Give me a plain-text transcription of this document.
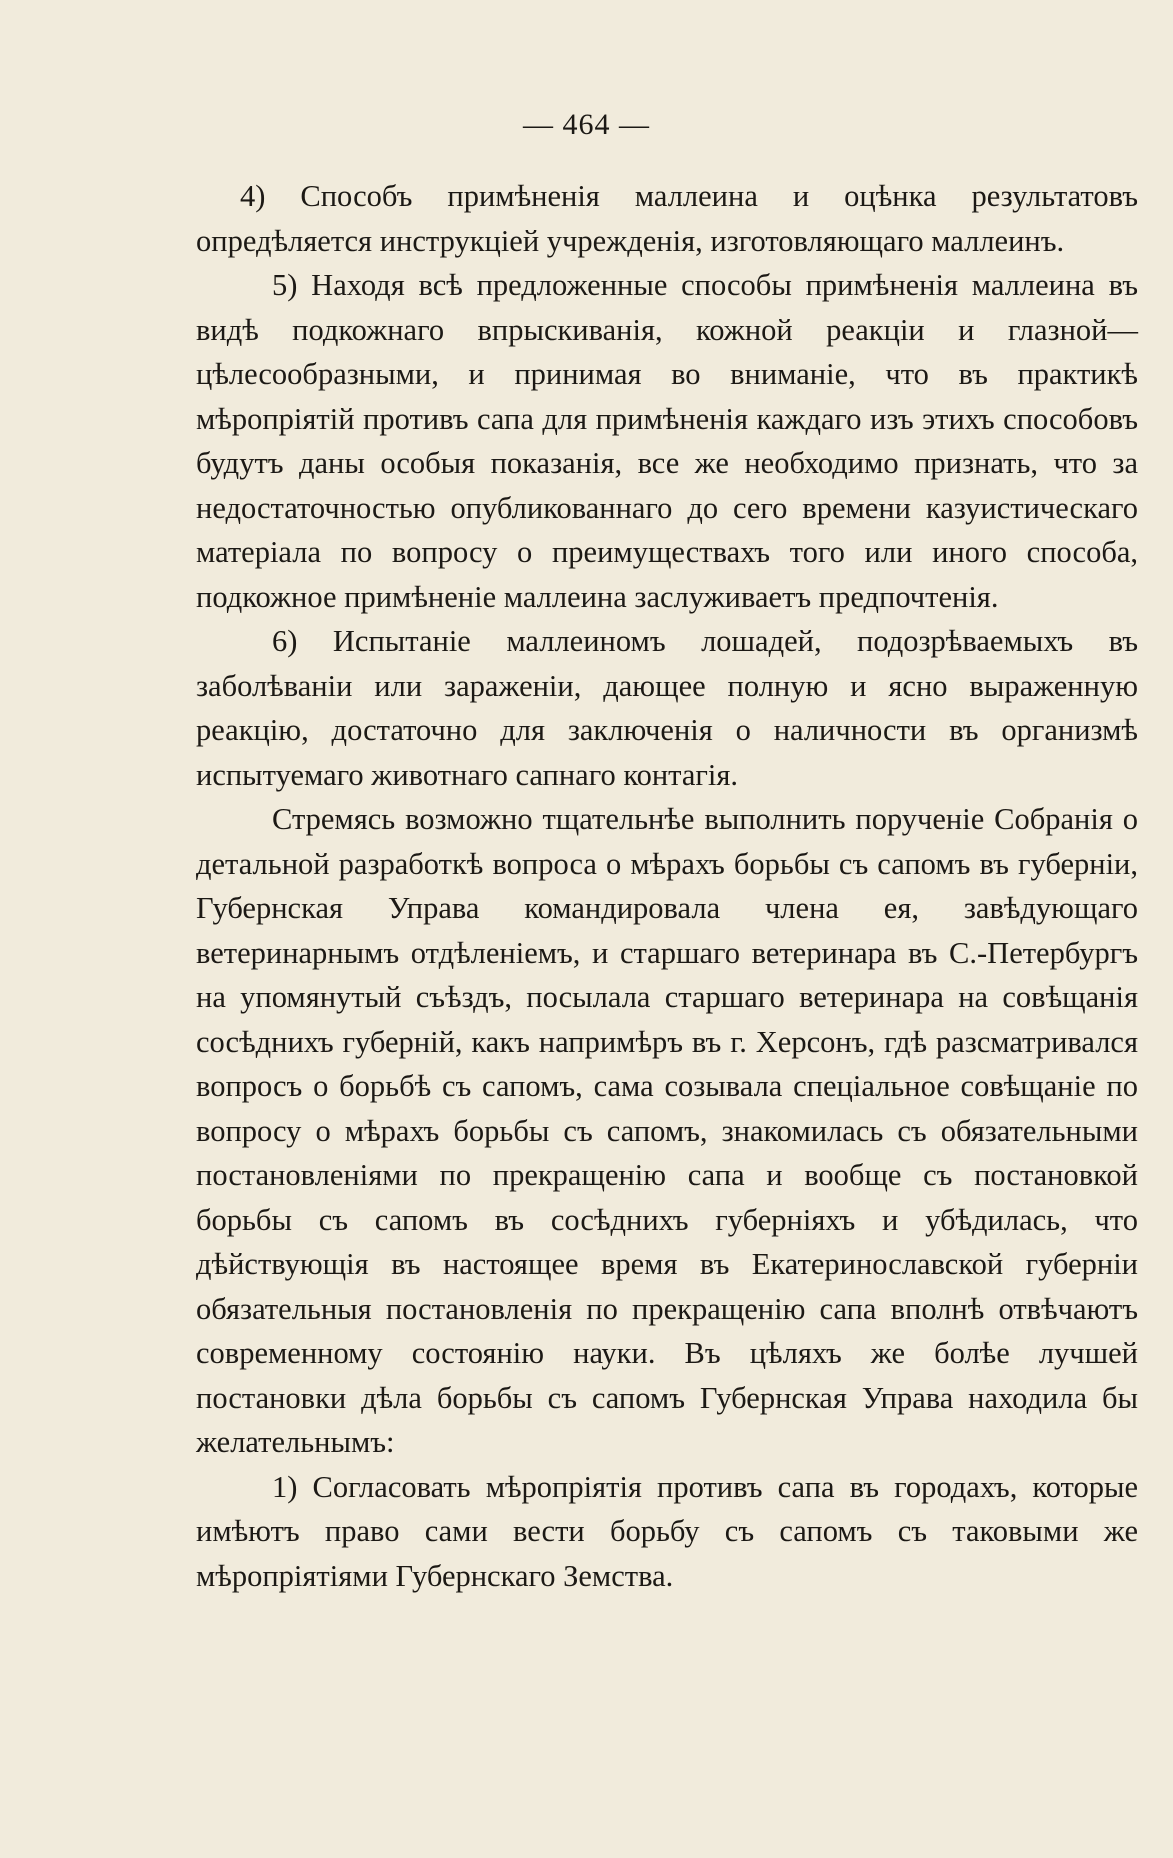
— 464 —

4) Способъ примѣненія маллеина и оцѣнка результатовъ опредѣляется инструкціей учрежденія, изготовляющаго маллеинъ.

5) Находя всѣ предложенные способы примѣненія маллеина въ видѣ подкожнаго впрыскиванія, кожной реакціи и глазной—цѣлесообразными, и принимая во вниманіе, что въ практикѣ мѣропріятій противъ сапа для примѣненія каждаго изъ этихъ способовъ будутъ даны особыя показанія, все же необходимо признать, что за недостаточностью опубликованнаго до сего времени казуистическаго матеріала по вопросу о преимуществахъ того или иного способа, подкожное примѣненіе маллеина заслуживаетъ предпочтенія.

6) Испытаніе маллеиномъ лошадей, подозрѣваемыхъ въ заболѣваніи или зараженіи, дающее полную и ясно выраженную реакцію, достаточно для заключенія о наличности въ организмѣ испытуемаго животнаго сапнаго контагія.

Стремясь возможно тщательнѣе выполнить порученіе Собранія о детальной разработкѣ вопроса о мѣрахъ борьбы съ сапомъ въ губерніи, Губернская Управа командировала члена ея, завѣдующаго ветеринарнымъ отдѣленіемъ, и старшаго ветеринара въ С.-Петербургъ на упомянутый съѣздъ, посылала старшаго ветеринара на совѣщанія сосѣднихъ губерній, какъ напримѣръ въ г. Херсонъ, гдѣ разсматривался вопросъ о борьбѣ съ сапомъ, сама созывала спеціальное совѣщаніе по вопросу о мѣрахъ борьбы съ сапомъ, знакомилась съ обязательными постановленіями по прекращенію сапа и вообще съ постановкой борьбы съ сапомъ въ сосѣднихъ губерніяхъ и убѣдилась, что дѣйствующія въ настоящее время въ Екатеринославской губерніи обязательныя постановленія по прекращенію сапа вполнѣ отвѣчаютъ современному состоянію науки. Въ цѣляхъ же болѣе лучшей постановки дѣла борьбы съ сапомъ Губернская Управа находила бы желательнымъ:

1) Согласовать мѣропріятія противъ сапа въ городахъ, которые имѣютъ право сами вести борьбу съ сапомъ съ таковыми же мѣропріятіями Губернскаго Земства.
